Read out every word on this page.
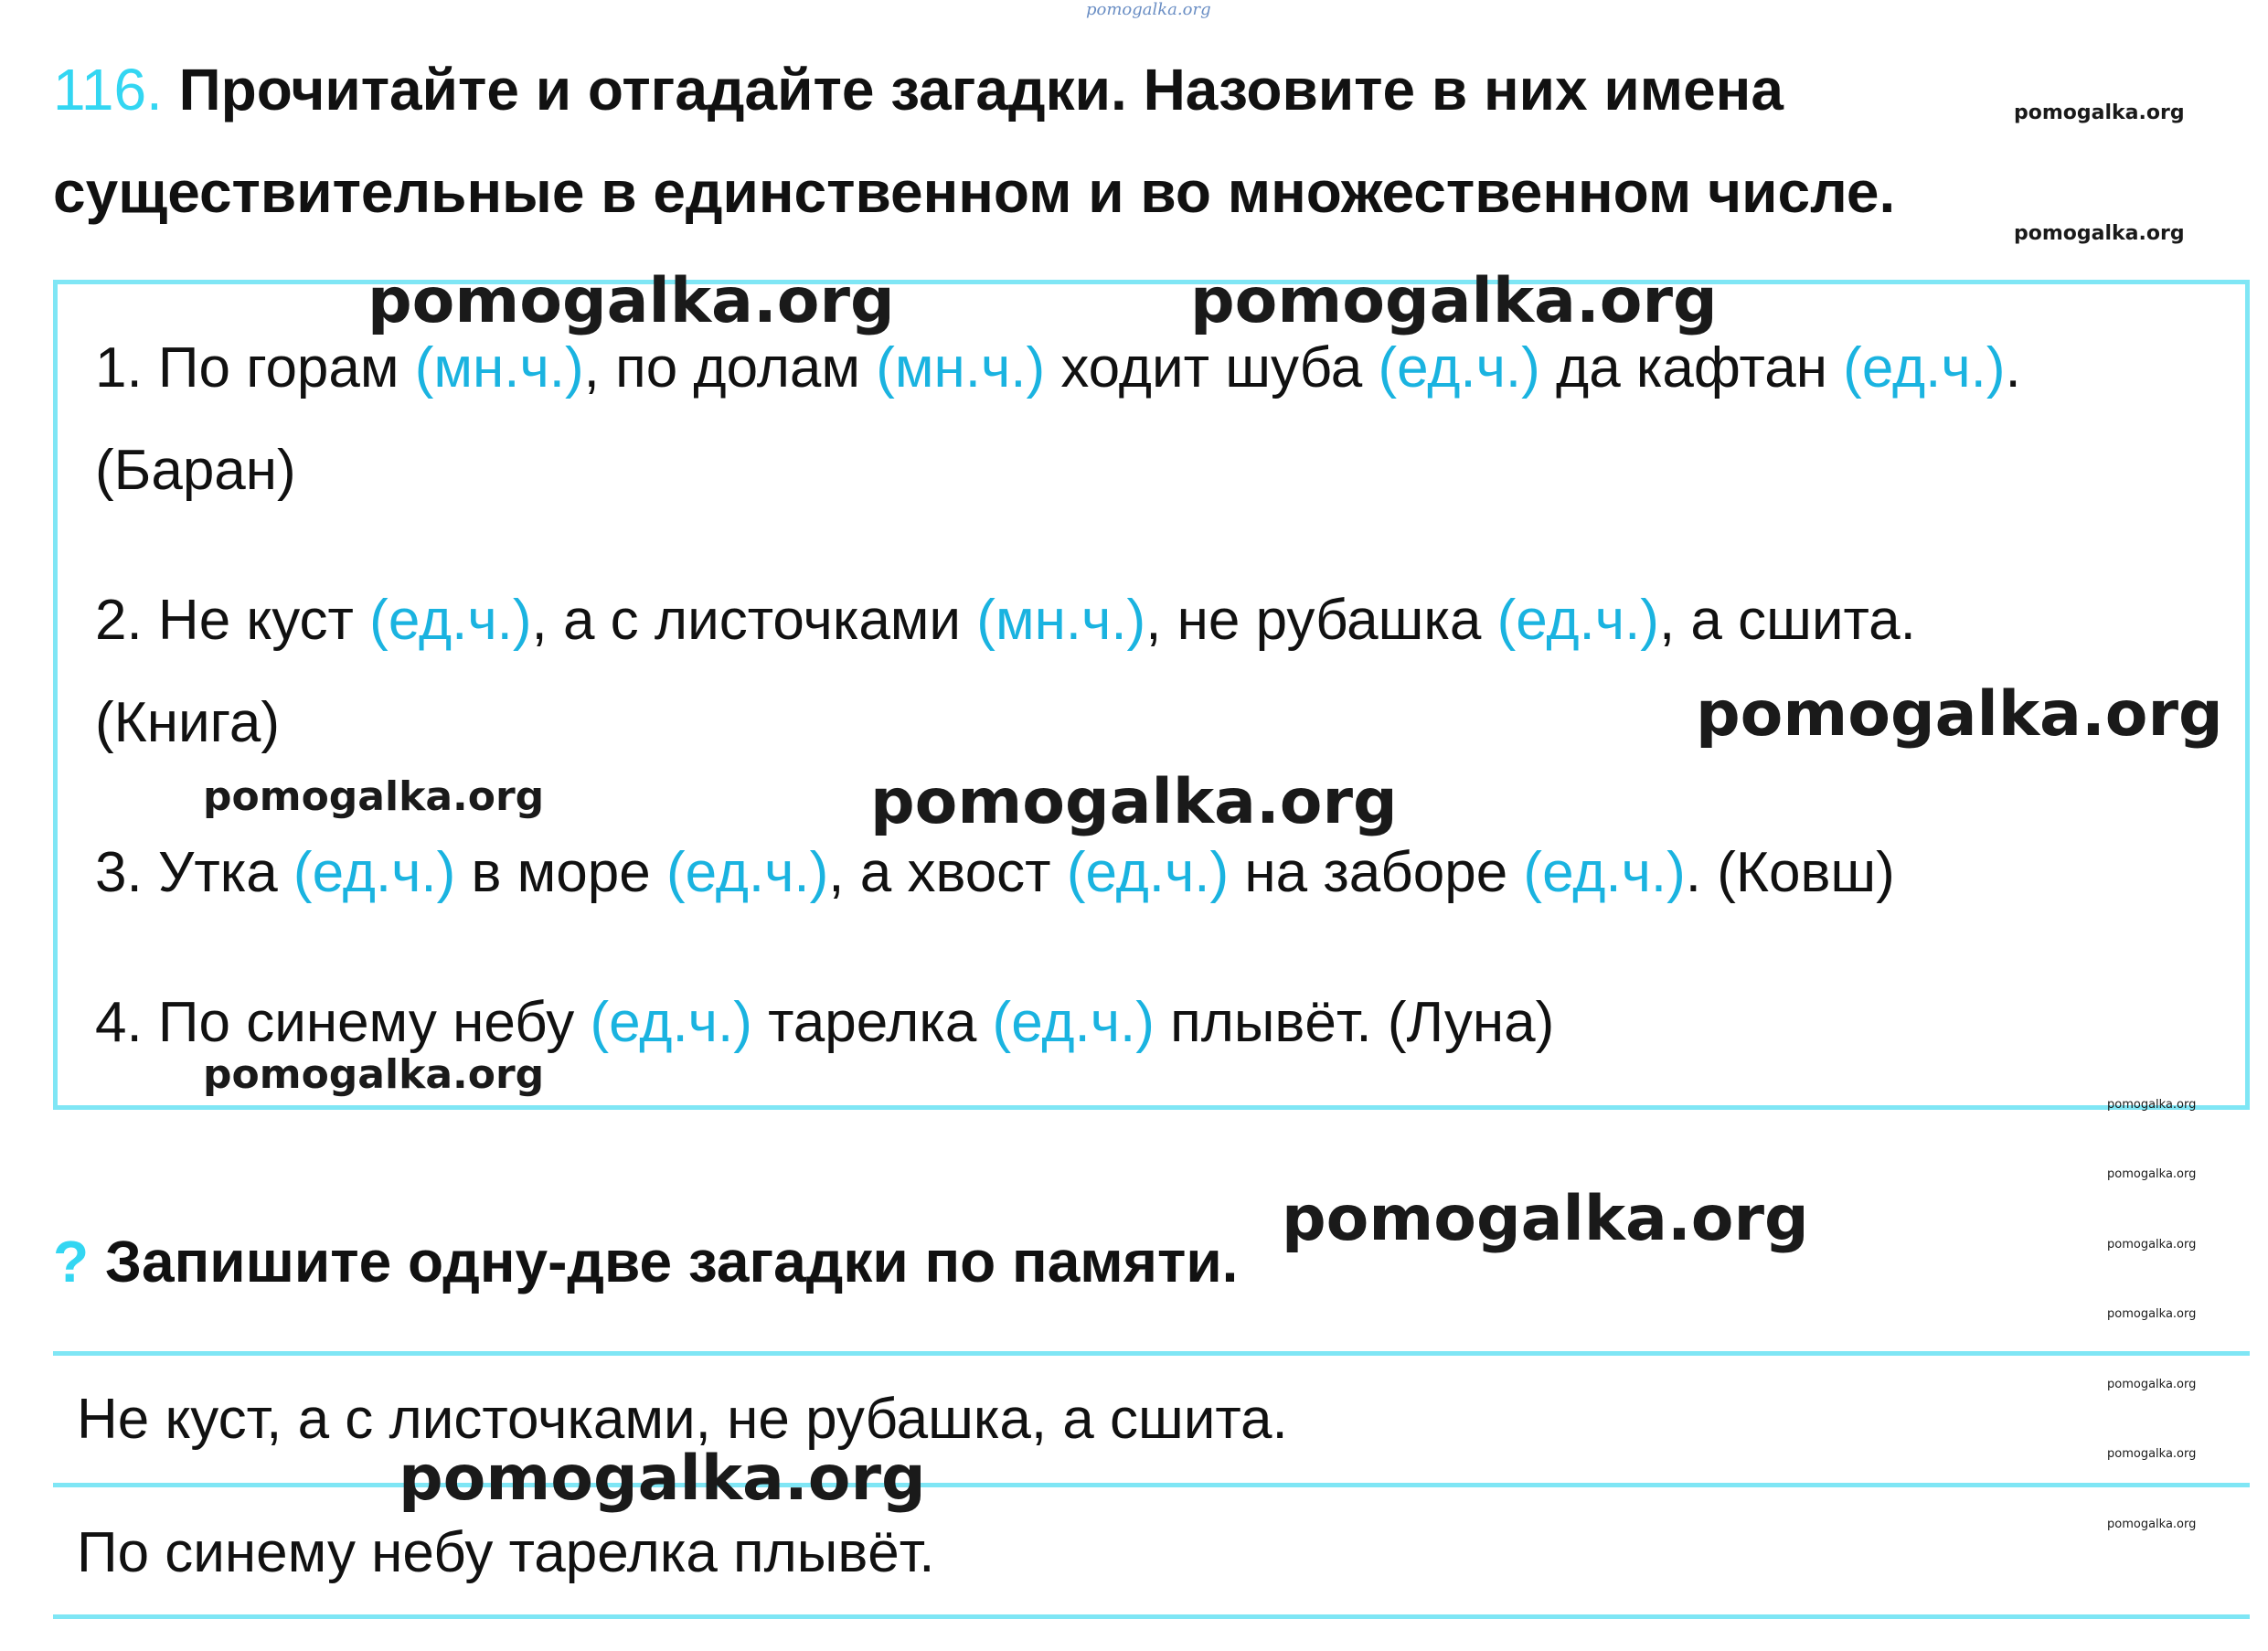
pomogalka.org
116. Прочитайте и отгадайте загадки. Назовите в них имена
существительные в единственном и во множественном числе.
pomogalka.org
pomogalka.org
1. По горам (мн.ч.), по долам (мн.ч.) ходит шуба (ед.ч.) да кафтан (ед.ч.).
(Баран)
2. Не куст (ед.ч.), а с листочками (мн.ч.), не рубашка (ед.ч.), а сшита.
(Книга)
3. Утка (ед.ч.) в море (ед.ч.), а хвост (ед.ч.) на заборе (ед.ч.). (Ковш)
4. По синему небу (ед.ч.) тарелка (ед.ч.) плывёт. (Луна)
pomogalka.org	pomogalka.org
pomogalka.org
pomogalka.org
pomogalka.org
pomogalka.org
pomogalka.org
pomogalka.org
pomogalka.org
pomogalka.org
pomogalka.org
pomogalka.org
pomogalka.org
? Запишите одну-две загадки по памяти.
pomogalka.org
Не куст, а с листочками, не рубашка, а сшита.
По синему небу тарелка плывёт.
pomogalka.org
